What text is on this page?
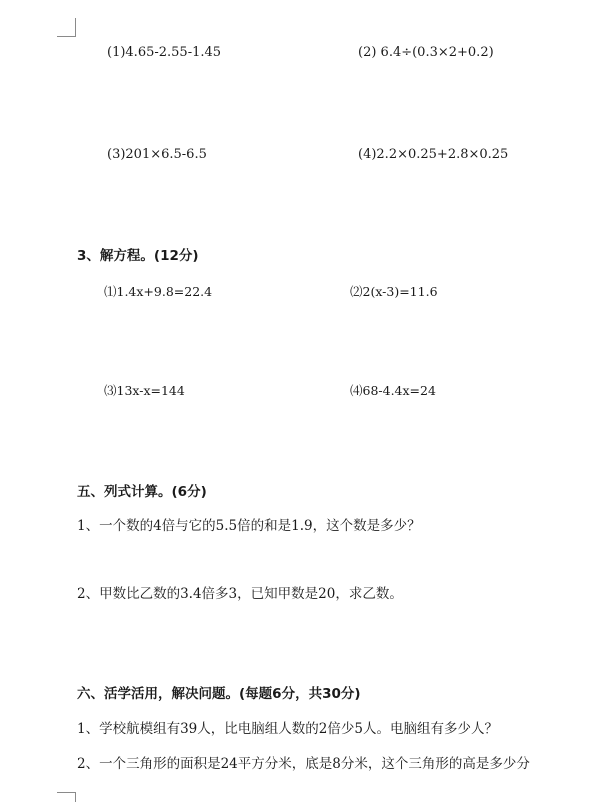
(1)4.65-2.55-1.45	(2) 6.4÷(0.3×2+0.2)
(3)201×6.5-6.5	(4)2.2×0.25+2.8×0.25
3、解方程。(12分)
⑴1.4x+9.8=22.4	⑵2(x-3)=11.6
⑶13x-x=144	⑷68-4.4x=24
五、列式计算。(6分)
1、一个数的4倍与它的5.5倍的和是1.9，这个数是多少？
2、甲数比乙数的3.4倍多3，已知甲数是20，求乙数。
六、活学活用，解决问题。(每题6分，共30分)
1、学校航模组有39人，比电脑组人数的2倍少5人。电脑组有多少人？
2、一个三角形的面积是24平方分米，底是8分米，这个三角形的高是多少分
